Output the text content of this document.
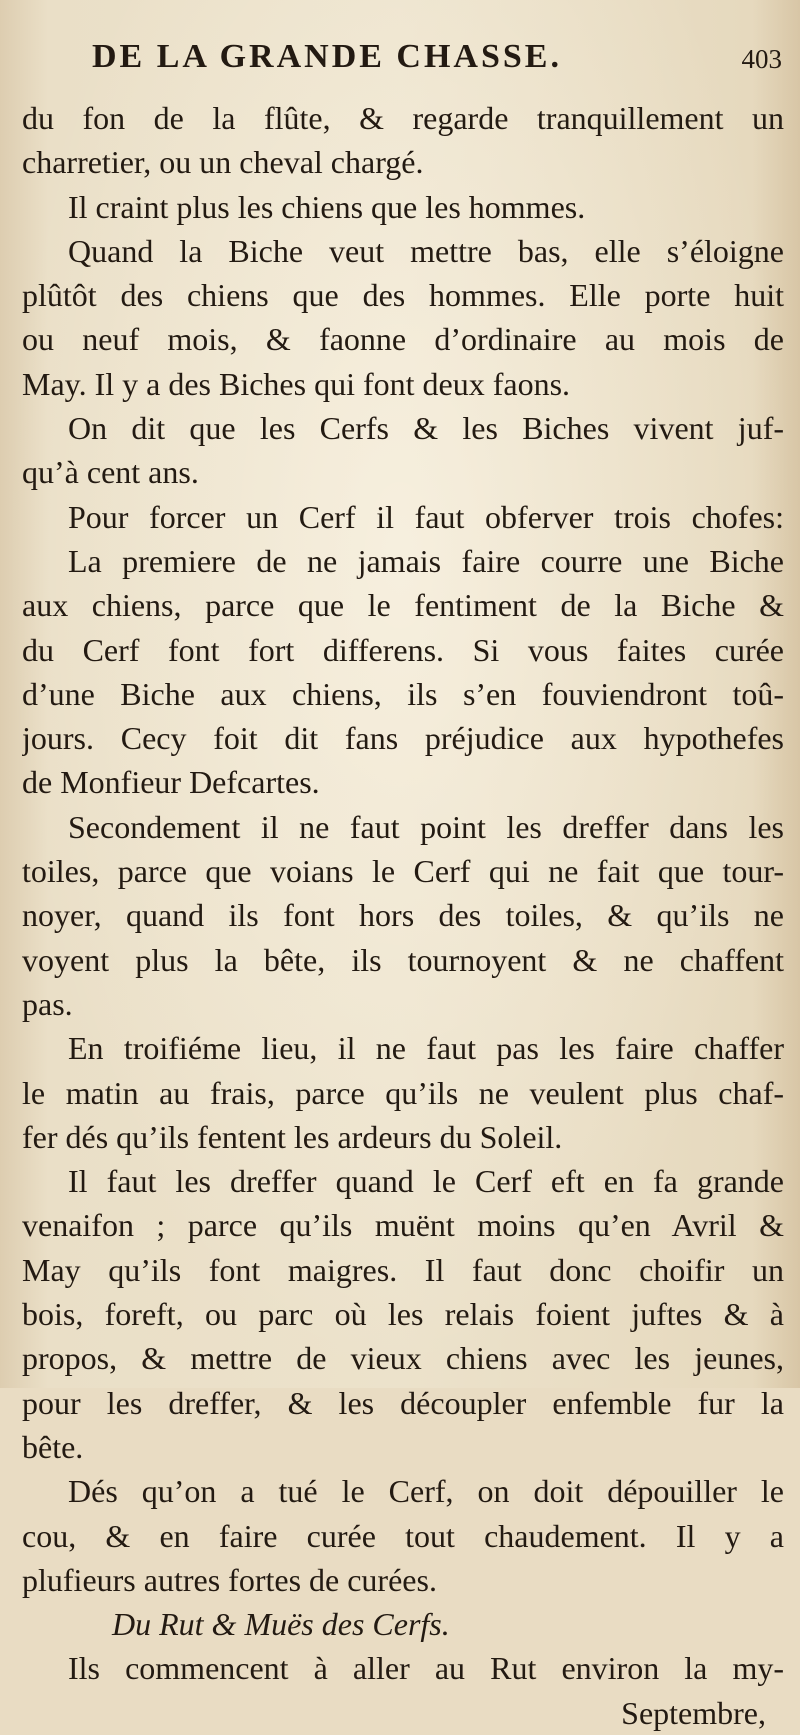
DE LA GRANDE CHASSE.	403
du fon de la flûte, & regarde tranquillement un
charretier, ou un cheval chargé.
Il craint plus les chiens que les hommes.
Quand la Biche veut mettre bas, elle s’éloigne
plûtôt des chiens que des hommes. Elle porte huit
ou neuf mois, & faonne d’ordinaire au mois de
May. Il y a des Biches qui font deux faons.
On dit que les Cerfs & les Biches vivent juf-
qu’à cent ans.
Pour forcer un Cerf il faut obferver trois chofes:
La premiere de ne jamais faire courre une Biche
aux chiens, parce que le fentiment de la Biche &
du Cerf font fort differens. Si vous faites curée
d’une Biche aux chiens, ils s’en fouviendront toû-
jours. Cecy foit dit fans préjudice aux hypothefes
de Monfieur Defcartes.
Secondement il ne faut point les dreffer dans les
toiles, parce que voians le Cerf qui ne fait que tour-
noyer, quand ils font hors des toiles, & qu’ils ne
voyent plus la bête, ils tournoyent & ne chaffent
pas.
En troifiéme lieu, il ne faut pas les faire chaffer
le matin au frais, parce qu’ils ne veulent plus chaf-
fer dés qu’ils fentent les ardeurs du Soleil.
Il faut les dreffer quand le Cerf eft en fa grande
venaifon ; parce qu’ils muënt moins qu’en Avril &
May qu’ils font maigres. Il faut donc choifir un
bois, foreft, ou parc où les relais foient juftes & à
propos, & mettre de vieux chiens avec les jeunes,
pour les dreffer, & les découpler enfemble fur la
bête.
Dés qu’on a tué le Cerf, on doit dépouiller le
cou, & en faire curée tout chaudement. Il y a
plufieurs autres fortes de curées.
Du Rut & Muës des Cerfs.
Ils commencent à aller au Rut environ la my-
Septembre,
